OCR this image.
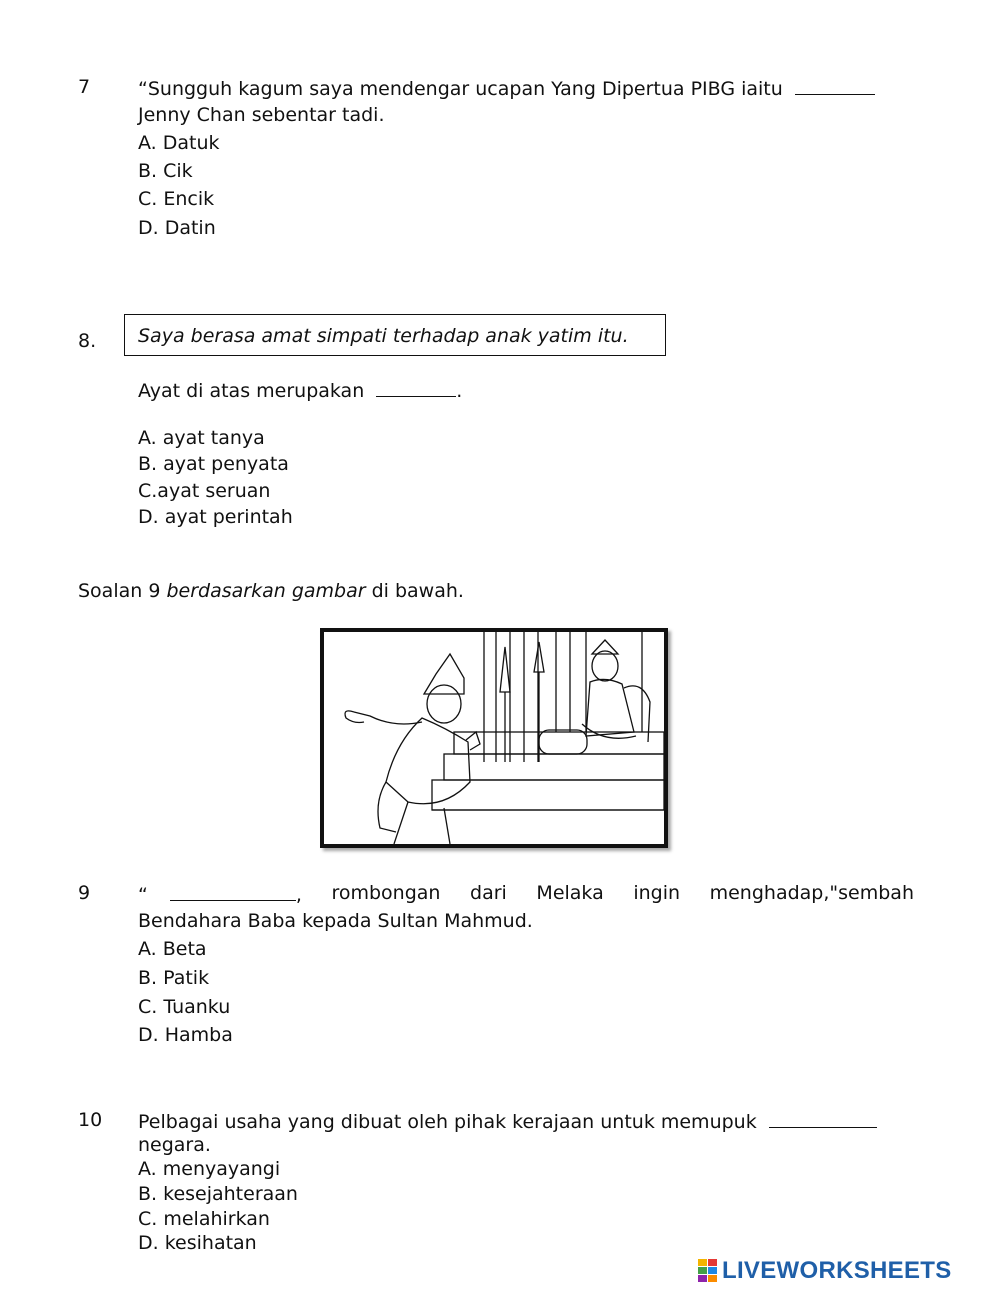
7	“Sungguh kagum saya mendengar ucapan Yang Dipertua PIBG iaitu
Jenny Chan sebentar tadi.
A. Datuk
B. Cik
C. Encik
D. Datin
8. Saya berasa amat simpati terhadap anak yatim itu.
Ayat di atas merupakan	.
A. ayat tanya
B. ayat penyata
C.ayat seruan
D. ayat perintah
Soalan 9 berdasarkan gambar di bawah.
9	“	, rombongan dari Melaka ingin menghadap,"sembah
Bendahara Baba kepada Sultan Mahmud.
A. Beta
B. Patik
C. Tuanku
D. Hamba
10 Pelbagai usaha yang dibuat oleh pihak kerajaan untuk memupuk
negara.
A. menyayangi
B. kesejahteraan
C. melahirkan
D. kesihatan
LIVEWORKSHEETS
